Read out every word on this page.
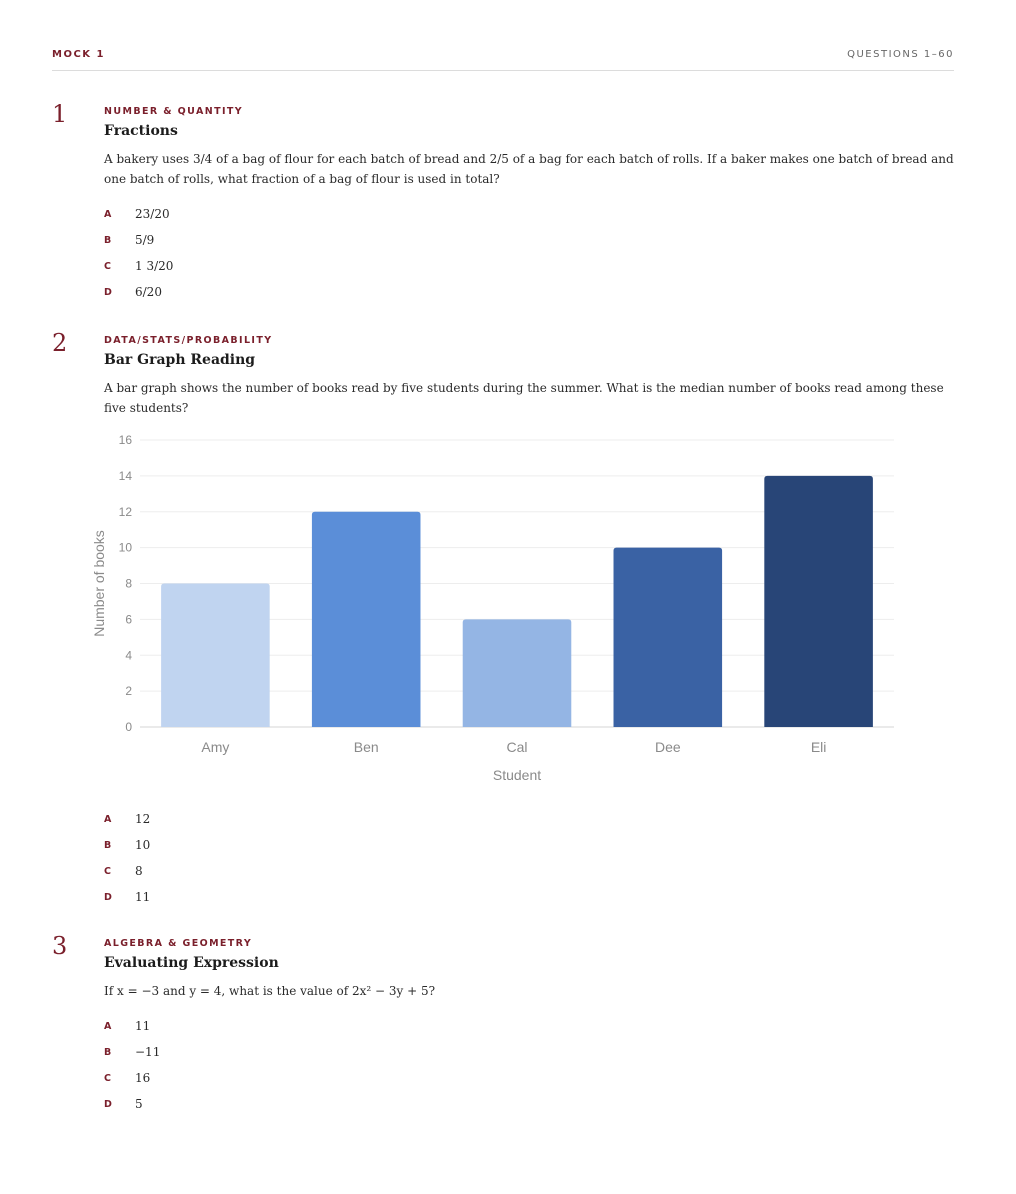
MOCK 1	QUESTIONS 1–60
1	NUMBER & QUANTITY
Fractions
A bakery uses 3/4 of a bag of flour for each batch of bread and 2/5 of a bag for each batch of rolls. If a baker makes one batch of bread and one batch of rolls, what fraction of a bag of flour is used in total?
A	23/20
B	5/9
C	1 3/20
D	6/20
2	DATA/STATS/PROBABILITY
Bar Graph Reading
A bar graph shows the number of books read by five students during the summer. What is the median number of books read among these five students?
0
2
4
6
8
10
12
14
16
Amy	Ben	Cal	Dee	Eli
Student
Number of books
A	12
B	10
C	8
D	11
3	ALGEBRA & GEOMETRY
Evaluating Expression
If x = −3 and y = 4, what is the value of 2x² − 3y + 5?
A	11
B	−11
C	16
D	5
